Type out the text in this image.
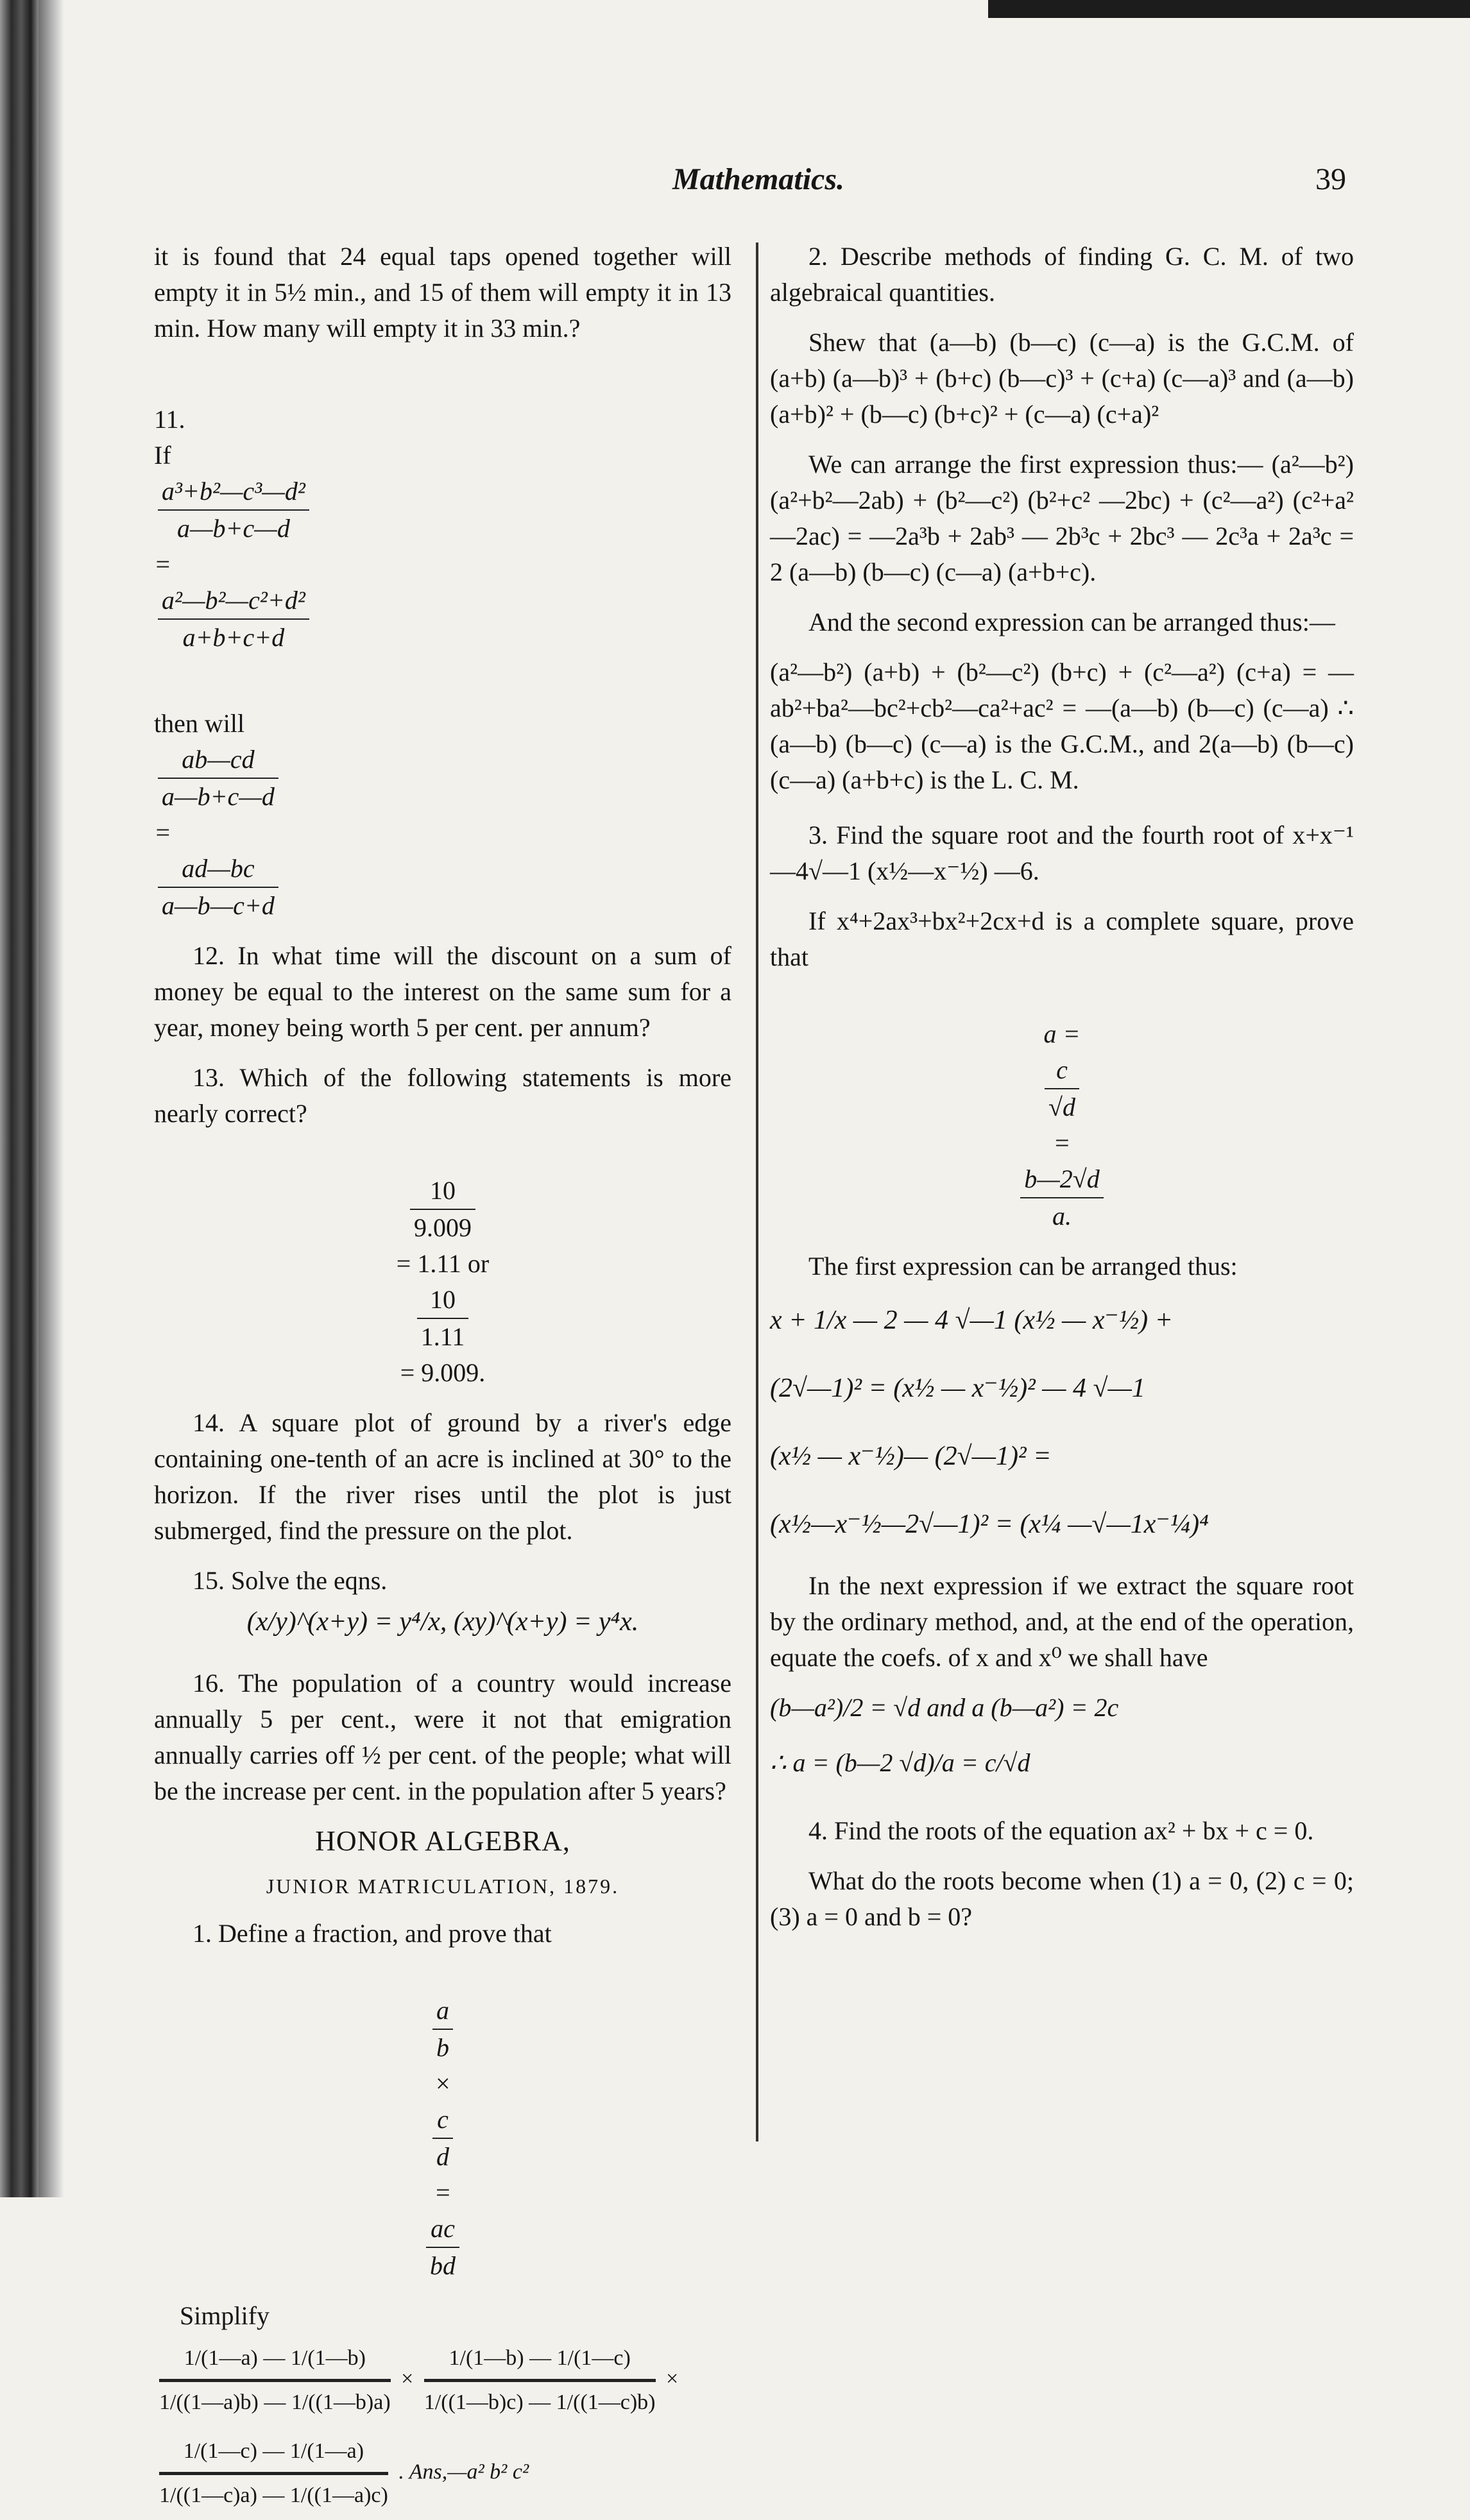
Mathematics.	39

it is found that 24 equal taps opened together will empty it in 5½ min., and 15 of them will empty it in 13 min. How many will empty it in 33 min.?

11.
If

$\frac{\text{a³+b²—c³—d²}}{a—b+c—d}$

=

$\frac{\text{a²—b²—c²+d²}}{a+b+c+d}$

then will

$\frac{ab—cd}{a—b+c—d}$

=

$\frac{ad—bc}{a—b—c+d}$

12. In what time will the discount on a sum of money be equal to the interest on the same sum for a year, money being worth 5 per cent. per annum?

13. Which of the following statements is more nearly correct?

$\frac{10}{9.009}$

= 1.11 or

$\frac{10}{1.11}$

= 9.009.

14. A square plot of ground by a river's edge containing one-tenth of an acre is inclined at 30° to the horizon. If the river rises until the plot is just submerged, find the pressure on the plot.

15. Solve the eqns.

(x/y)^(x+y) = y⁴/x, (xy)^(x+y) = y⁴x.

16. The population of a country would increase annually 5 per cent., were it not that emigration annually carries off ½ per cent. of the people; what will be the increase per cent. in the population after 5 years?

HONOR ALGEBRA,
JUNIOR MATRICULATION, 1879.

1. Define a fraction, and prove that

$\frac{a}{b}$

×

$\frac{c}{d}$

=

$\frac{ac}{bd}$

Simplify
$\frac{1/(1—a) — 1/(1—b)}{1/((1—a)b) — 1/((1—b)a)} \times \frac{1/(1—b) — 1/(1—c)}{1/((1—b)c) — 1/((1—c)b)}$ ×
$\frac{1/(1—c) — 1/(1—a)}{1/((1—c)a) — 1/((1—a)c)}$ . Ans,—a² b² c²

2. Describe methods of finding G. C. M. of two algebraical quantities.

Shew that (a—b) (b—c) (c—a) is the G.C.M. of (a+b) (a—b)³ + (b+c) (b—c)³ + (c+a) (c—a)³ and (a—b) (a+b)² + (b—c) (b+c)² + (c—a) (c+a)²

We can arrange the first expression thus:— (a²—b²) (a²+b²—2ab) + (b²—c²) (b²+c² —2bc) + (c²—a²) (c²+a²—2ac) = —2a³b + 2ab³ — 2b³c + 2bc³ — 2c³a + 2a³c = 2 (a—b) (b—c) (c—a) (a+b+c).

And the second expression can be arranged thus:—

(a²—b²) (a+b) + (b²—c²) (b+c) + (c²—a²) (c+a) = —ab²+ba²—bc²+cb²—ca²+ac² = —(a—b) (b—c) (c—a) ∴ (a—b) (b—c) (c—a) is the G.C.M., and 2(a—b) (b—c) (c—a) (a+b+c) is the L. C. M.

3. Find the square root and the fourth root of x+x⁻¹—4√—1 (x½—x⁻½) —6.

If x⁴+2ax³+bx²+2cx+d is a complete square, prove that

a =

$\frac{c}{√d}$

=

$\frac{b—2√d}{a.}$

The first expression can be arranged thus:

x + 1/x — 2 — 4 √—1 (x½ — x⁻½) +
(2√—1)² = (x½ — x⁻½)² — 4 √—1
(x½ — x⁻½)— (2√—1)² =
(x½—x⁻½—2√—1)² = (x¼ —√—1x⁻¼)⁴

In the next expression if we extract the square root by the ordinary method, and, at the end of the operation, equate the coefs. of x and x⁰ we shall have

(b—a²)/2 = √d and a (b—a²) = 2c
∴ a = (b—2 √d)/a = c/√d

4. Find the roots of the equation ax² + bx + c = 0.

What do the roots become when (1) a = 0, (2) c = 0; (3) a = 0 and b = 0?
